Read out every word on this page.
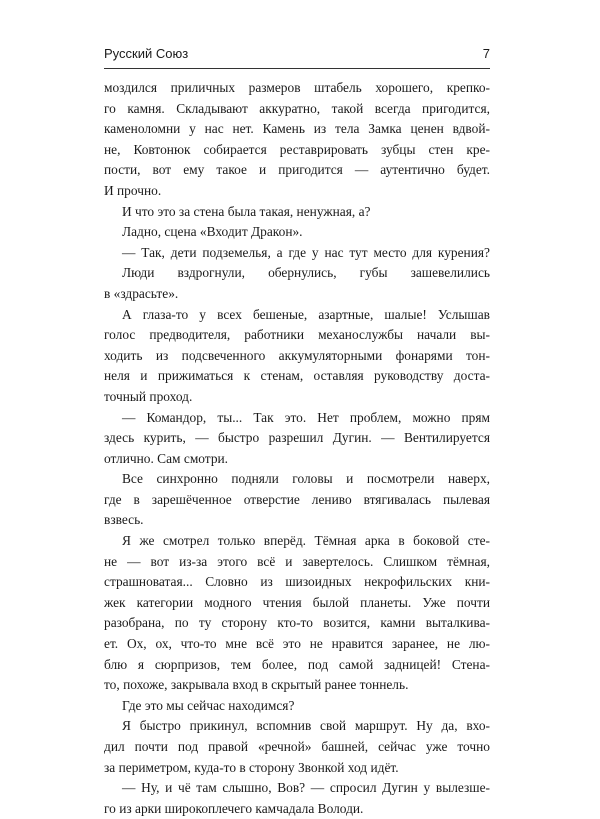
Русский Союз	7
мoздился приличных размеров штабель хорошего, крепко-
го камня. Складывают аккуратно, такой всегда пригодится,
каменоломни у нас нет. Камень из тела Замка ценен вдвой-
не, Ковтонюк собирается реставрировать зубцы стен кре-
пости, вот ему такое и пригодится — аутентично будет.
И прочно.
И что это за стена была такая, ненужная, а?
Ладно, сцена «Входит Дракон».
— Так, дети подземелья, а где у нас тут место для курения?
Люди вздрогнули, обернулись, губы зашевелились
в «здрасьте».
А глаза-то у всех бешеные, азартные, шалые! Услышав
голос предводителя, работники механослужбы начали вы-
ходить из подсвеченного аккумуляторными фонарями тон-
неля и прижиматься к стенам, оставляя руководству доста-
точный проход.
— Командор, ты... Так это. Нет проблем, можно прям
здесь курить, — быстро разрешил Дугин. — Вентилируется
отлично. Сам смотри.
Все синхронно подняли головы и посмотрели наверх,
где в зарешёченное отверстие лениво втягивалась пылевая
взвесь.
Я же смотрел только вперёд. Тёмная арка в боковой сте-
не — вот из-за этого всё и завертелось. Слишком тёмная,
страшноватая... Словно из шизоидных некрофильских кни-
жек категории модного чтения былой планеты. Уже почти
разобрана, по ту сторону кто-то возится, камни выталкива-
ет. Ох, ох, что-то мне всё это не нравится заранее, не лю-
блю я сюрпризов, тем более, под самой задницей! Стена-
то, похоже, закрывала вход в скрытый ранее тоннель.
Где это мы сейчас находимся?
Я быстро прикинул, вспомнив свой маршрут. Ну да, вхо-
дил почти под правой «речной» башней, сейчас уже точно
за периметром, куда-то в сторону Звонкой ход идёт.
— Ну, и чё там слышно, Вов? — спросил Дугин у вылезше-
го из арки широкоплечего камчадала Володи.
